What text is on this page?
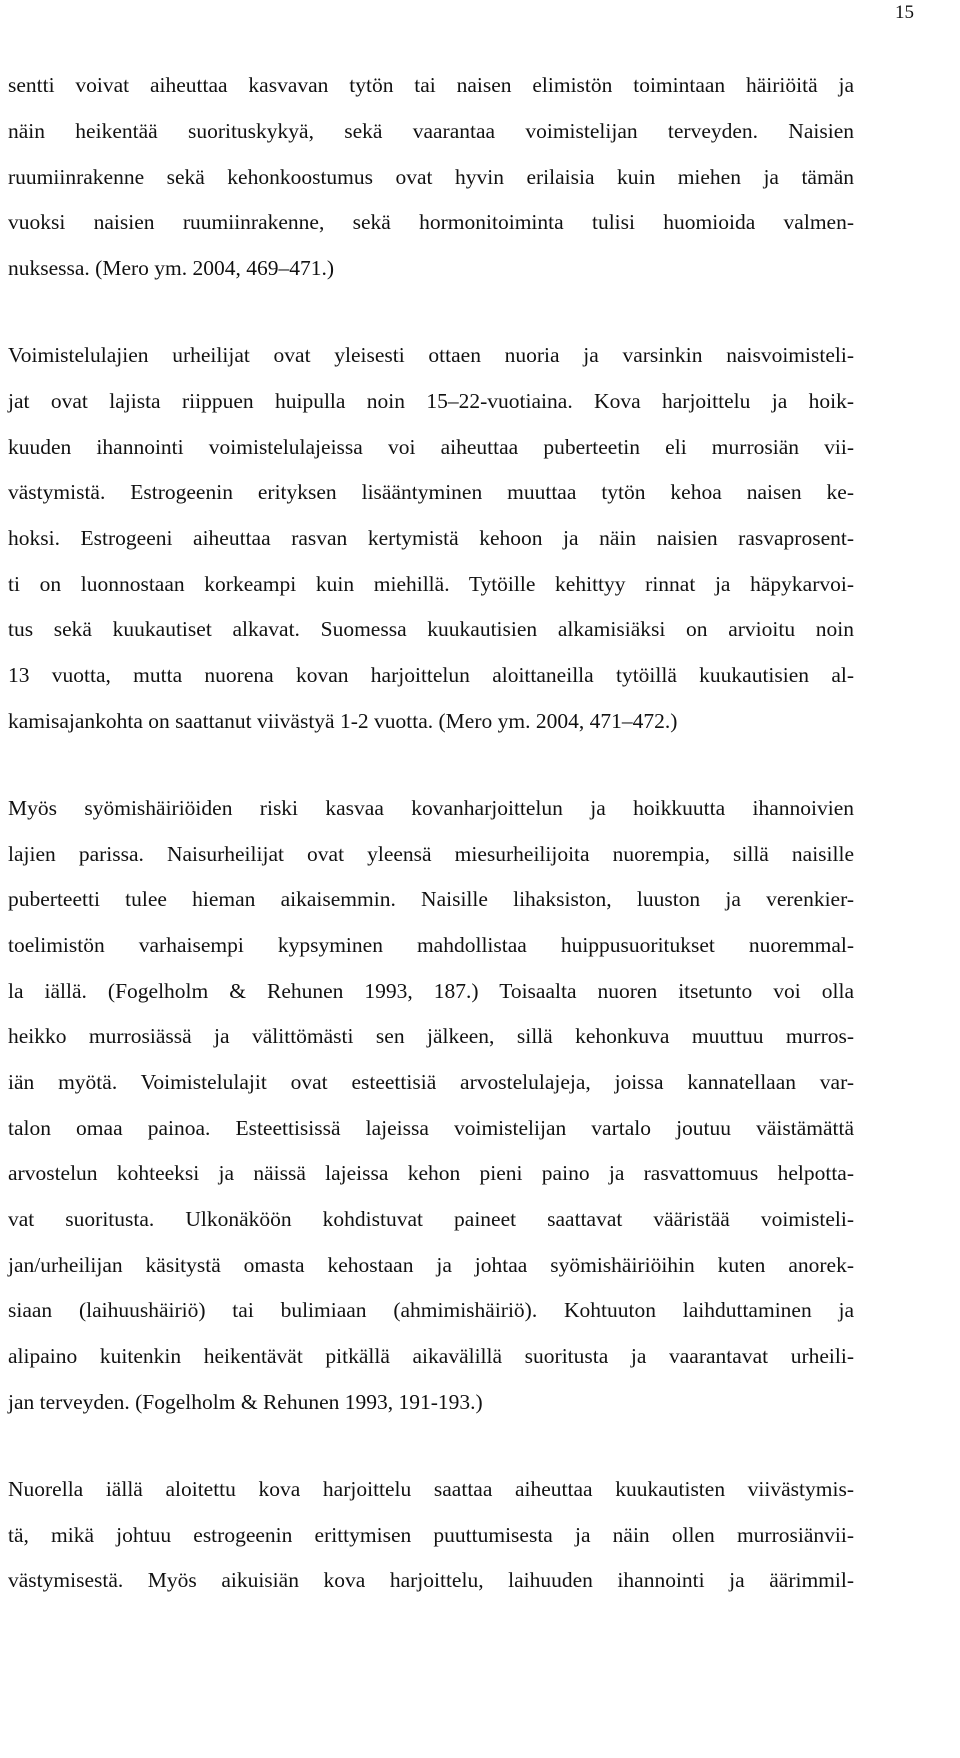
15
sentti voivat aiheuttaa kasvavan tytön tai naisen elimistön toimintaan häiriöitä ja
näin heikentää suorituskykyä, sekä vaarantaa voimistelijan terveyden. Naisien
ruumiinrakenne sekä kehonkoostumus ovat hyvin erilaisia kuin miehen ja tämän
vuoksi naisien ruumiinrakenne, sekä hormonitoiminta tulisi huomioida valmen-
nuksessa. (Mero ym. 2004, 469–471.)
Voimistelulajien urheilijat ovat yleisesti ottaen nuoria ja varsinkin naisvoimisteli-
jat ovat lajista riippuen huipulla noin 15–22-vuotiaina. Kova harjoittelu ja hoik-
kuuden ihannointi voimistelulajeissa voi aiheuttaa puberteetin eli murrosiän vii-
västymistä. Estrogeenin erityksen lisääntyminen muuttaa tytön kehoa naisen ke-
hoksi. Estrogeeni aiheuttaa rasvan kertymistä kehoon ja näin naisien rasvaprosent-
ti on luonnostaan korkeampi kuin miehillä. Tytöille kehittyy rinnat ja häpykarvoi-
tus sekä kuukautiset alkavat. Suomessa kuukautisien alkamisiäksi on arvioitu noin
13 vuotta, mutta nuorena kovan harjoittelun aloittaneilla tytöillä kuukautisien al-
kamisajankohta on saattanut viivästyä 1-2 vuotta. (Mero ym. 2004, 471–472.)
Myös syömishäiriöiden riski kasvaa kovanharjoittelun ja hoikkuutta ihannoivien
lajien parissa. Naisurheilijat ovat yleensä miesurheilijoita nuorempia, sillä naisille
puberteetti tulee hieman aikaisemmin. Naisille lihaksiston, luuston ja verenkier-
toelimistön varhaisempi kypsyminen mahdollistaa huippusuoritukset nuoremmal-
la iällä. (Fogelholm & Rehunen 1993, 187.) Toisaalta nuoren itsetunto voi olla
heikko murrosiässä ja välittömästi sen jälkeen, sillä kehonkuva muuttuu murros-
iän myötä. Voimistelulajit ovat esteettisiä arvostelulajeja, joissa kannatellaan var-
talon omaa painoa. Esteettisissä lajeissa voimistelijan vartalo joutuu väistämättä
arvostelun kohteeksi ja näissä lajeissa kehon pieni paino ja rasvattomuus helpotta-
vat suoritusta. Ulkonäköön kohdistuvat paineet saattavat vääristää voimisteli-
jan/urheilijan käsitystä omasta kehostaan ja johtaa syömishäiriöihin kuten anorek-
siaan (laihuushäiriö) tai bulimiaan (ahmimishäiriö). Kohtuuton laihduttaminen ja
alipaino kuitenkin heikentävät pitkällä aikavälillä suoritusta ja vaarantavat urheili-
jan terveyden. (Fogelholm & Rehunen 1993, 191-193.)
Nuorella iällä aloitettu kova harjoittelu saattaa aiheuttaa kuukautisten viivästymis-
tä, mikä johtuu estrogeenin erittymisen puuttumisesta ja näin ollen murrosiänvii-
västymisestä. Myös aikuisiän kova harjoittelu, laihuuden ihannointi ja äärimmil-
